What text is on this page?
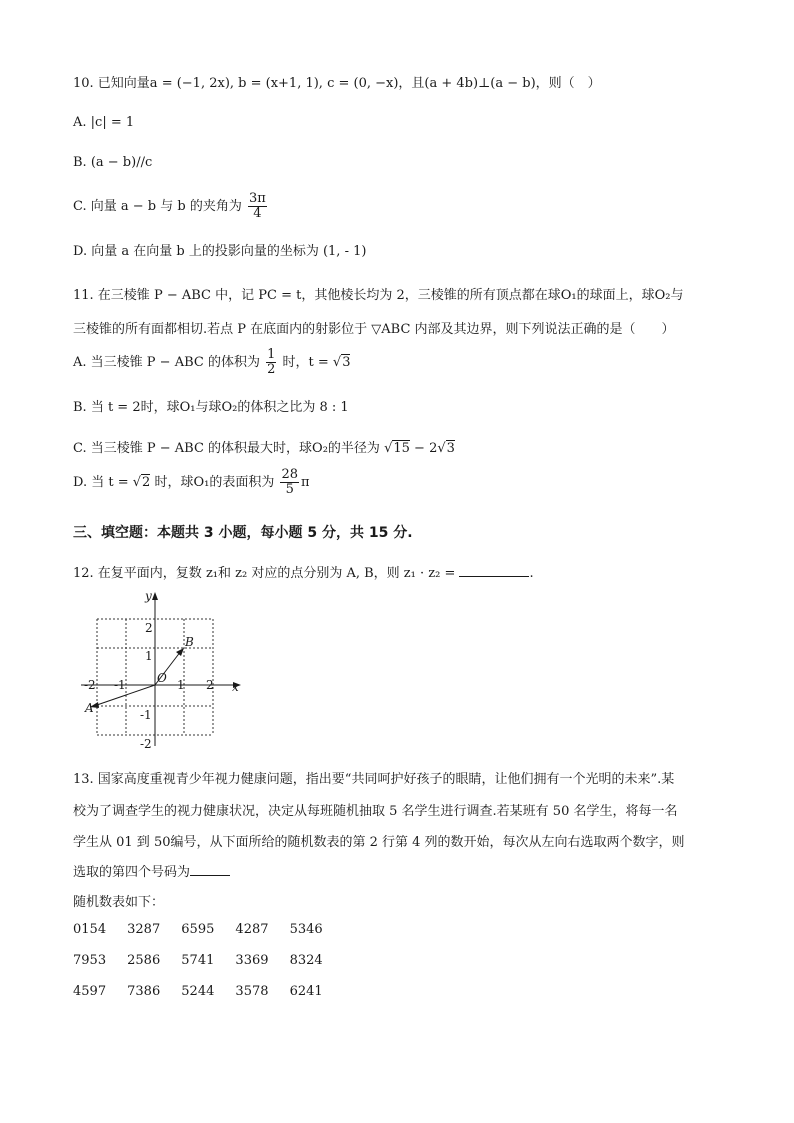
10. 已知向量a = (−1, 2x), b = (x+1, 1), c = (0, −x)，且(a + 4b)⊥(a − b)，则（　）
A. |c| = 1
B. (a − b)//c
C. 向量 a − b 与 b 的夹角为 $\frac{3\pi}{4}$
D. 向量 a 在向量 b 上的投影向量的坐标为 (1, - 1)
11. 在三棱锥 P − ABC 中，记 PC = t，其他棱长均为 2，三棱锥的所有顶点都在球O₁的球面上，球O₂与
三棱锥的所有面都相切.若点 P 在底面内的射影位于 ▽ABC 内部及其边界，则下列说法正确的是（　　）
A. 当三棱锥 P − ABC 的体积为 $\frac{1}{2}$ 时，t = √3
B. 当 t = 2时，球O₁与球O₂的体积之比为 8 : 1
C. 当三棱锥 P − ABC 的体积最大时，球O₂的半径为 √15 − 2√3
D. 当 t = √2 时，球O₁的表面积为 $\frac{28}{5}$ π
三、填空题：本题共 3 小题，每小题 5 分，共 15 分.
12. 在复平面内，复数 z₁和 z₂ 对应的点分别为 A, B，则 z₁ · z₂ =	.
y
x
O
B
A
-2 -1	1 2
2
1
-1
-2
13. 国家高度重视青少年视力健康问题，指出要“共同呵护好孩子的眼睛，让他们拥有一个光明的未来”.某
校为了调查学生的视力健康状况，决定从每班随机抽取 5 名学生进行调查.若某班有 50 名学生，将每一名
学生从 01 到 50编号，从下面所给的随机数表的第 2 行第 4 列的数开始，每次从左向右选取两个数字，则
选取的第四个号码为
随机数表如下：
0154 3287 6595 4287 5346
7953 2586 5741 3369 8324
4597 7386 5244 3578 6241
